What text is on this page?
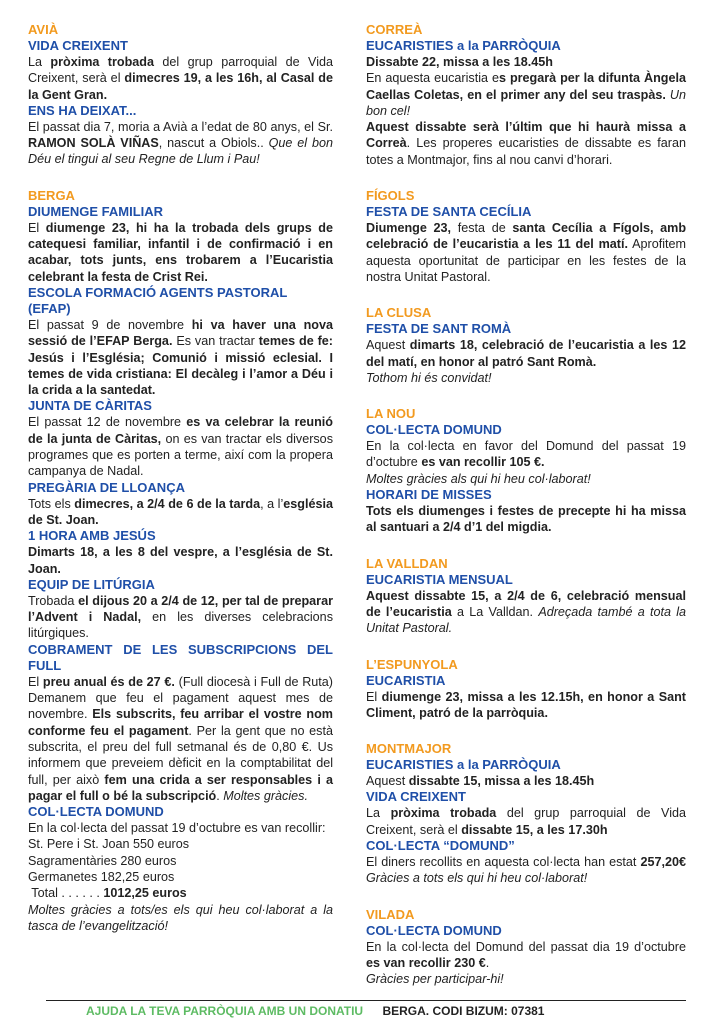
AVIÀ
VIDA CREIXENT

La pròxima trobada del grup parroquial de Vida Creixent, serà el dimecres 19, a les 16h, al Casal de la Gent Gran.

ENS HA DEIXAT...

El passat dia 7, moria a Avià a l’edat de 80 anys, el Sr. RAMON SOLÀ VIÑAS, nascut a Obiols.. Que el bon Déu el tingui al seu Regne de Llum i Pau!

BERGA
DIUMENGE FAMILIAR

El diumenge 23, hi ha la trobada dels grups de catequesi familiar, infantil i de confirmació i en acabar, tots junts, ens trobarem a l’Eucaristia celebrant la festa de Crist Rei.

ESCOLA FORMACIÓ AGENTS PASTORAL (EFAP)

El passat 9 de novembre hi va haver una nova sessió de l’EFAP Berga. Es van tractar temes de fe: Jesús i l’Església; Comunió i missió eclesial. I temes de vida cristiana: El decàleg i l’amor a Déu i la crida a la santedat.

JUNTA DE CÀRITAS

El passat 12 de novembre es va celebrar la reunió de la junta de Càritas, on es van tractar els diversos programes que es porten a terme, així com la propera campanya de Nadal.

PREGÀRIA DE LLOANÇA

Tots els dimecres, a 2/4 de 6 de la tarda, a l’església de St. Joan.

1 HORA AMB JESÚS

Dimarts 18, a les 8 del vespre, a l’església de St. Joan.

EQUIP DE LITÚRGIA

Trobada el dijous 20 a 2/4 de 12, per tal de preparar l’Advent i Nadal, en les diverses celebracions litúrgiques.

COBRAMENT DE LES SUBSCRIPCIONS DEL FULL

El preu anual és de 27 €. (Full diocesà i Full de Ruta) Demanem que feu el pagament aquest mes de novembre. Els subscrits, feu arribar el vostre nom conforme feu el pagament. Per la gent que no està subscrita, el preu del full setmanal és de 0,80 €. Us informem que preveiem dèficit en la comptabilitat del full, per això fem una crida a ser responsables i a pagar el full o bé la subscripció. Moltes gràcies.

COL·LECTA DOMUND

En la col·lecta del passat 19 d’octubre es van recollir:

St. Pere i St. Joan 550 euros
Sagramentàries 280 euros
Germanetes 182,25 euros
Total . . . . . . 1012,25 euros

Moltes gràcies a tots/es els qui heu col·laborat a la tasca de l’evangelització!

CORREÀ
EUCARISTIES a la PARRÒQUIA

Dissabte 22, missa a les 18.45h

En aquesta eucaristia es pregarà per la difunta Àngela Caellas Coletas, en el primer any del seu traspàs. Un bon cel!

Aquest dissabte serà l’últim que hi haurà missa a Correà. Les properes eucaristies de dissabte es faran totes a Montmajor, fins al nou canvi d’horari.

FÍGOLS
FESTA DE SANTA CECÍLIA

Diumenge 23, festa de santa Cecília a Fígols, amb celebració de l’eucaristia a les 11 del matí. Aprofitem aquesta oportunitat de participar en les festes de la nostra Unitat Pastoral.

LA CLUSA
FESTA DE SANT ROMÀ

Aquest dimarts 18, celebració de l’eucaristia a les 12 del matí, en honor al patró Sant Romà.

Tothom hi és convidat!

LA NOU
COL·LECTA DOMUND

En la col·lecta en favor del Domund del passat 19 d’octubre es van recollir 105 €.

Moltes gràcies als qui hi heu col·laborat!

HORARI DE MISSES

Tots els diumenges i festes de precepte hi ha missa al santuari a 2/4 d’1 del migdia.

LA VALLDAN
EUCARISTIA MENSUAL

Aquest dissabte 15, a 2/4 de 6, celebració mensual de l’eucaristia a La Valldan. Adreçada també a tota la Unitat Pastoral.

L’ESPUNYOLA
EUCARISTIA

El diumenge 23, missa a les 12.15h, en honor a Sant Climent, patró de la parròquia.

MONTMAJOR
EUCARISTIES a la PARRÒQUIA

Aquest dissabte 15, missa a les 18.45h

VIDA CREIXENT

La pròxima trobada del grup parroquial de Vida Creixent, serà el dissabte 15, a les 17.30h

COL·LECTA “DOMUND”

El diners recollits en aquesta col·lecta han estat 257,20€ Gràcies a tots els qui hi heu col·laborat!

VILADA
COL·LECTA DOMUND

En la col·lecta del Domund del passat dia 19 d’octubre es van recollir 230 €.

Gràcies per participar-hi!

AJUDA LA TEVA PARRÒQUIA AMB UN DONATIU BERGA. CODI BIZUM: 07381
